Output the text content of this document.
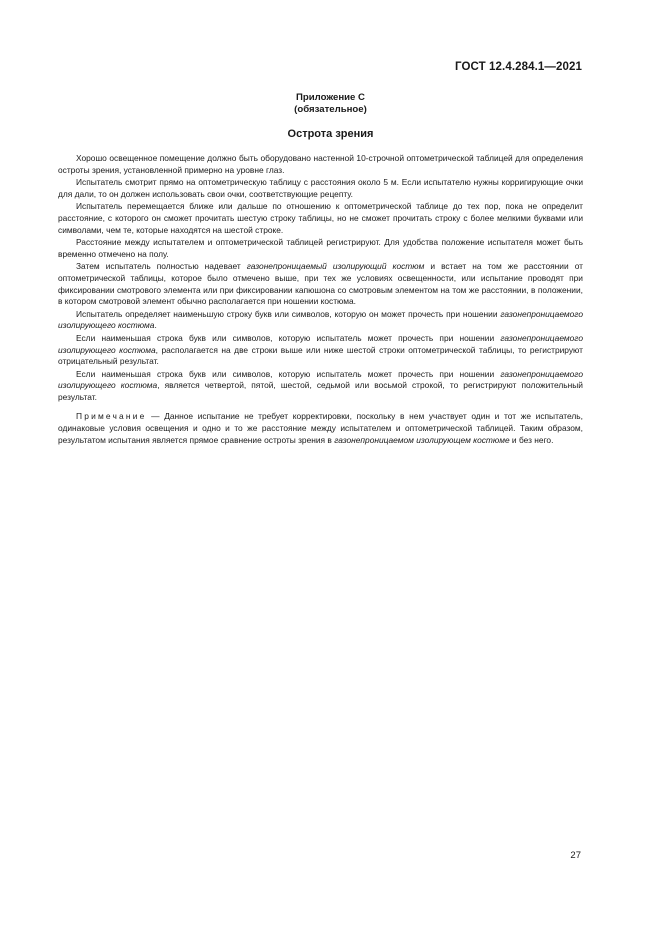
ГОСТ 12.4.284.1—2021
Приложение С
(обязательное)
Острота зрения

Хорошо освещенное помещение должно быть оборудовано настенной 10-строчной оптометрической таблицей для определения остроты зрения, установленной примерно на уровне глаз.

Испытатель смотрит прямо на оптометрическую таблицу с расстояния около 5 м. Если испытателю нужны корригирующие очки для дали, то он должен использовать свои очки, соответствующие рецепту.

Испытатель перемещается ближе или дальше по отношению к оптометрической таблице до тех пор, пока не определит расстояние, с которого он сможет прочитать шестую строку таблицы, но не сможет прочитать строку с более мелкими буквами или символами, чем те, которые находятся на шестой строке.

Расстояние между испытателем и оптометрической таблицей регистрируют. Для удобства положение испытателя может быть временно отмечено на полу.

Затем испытатель полностью надевает газонепроницаемый изолирующий костюм и встает на том же расстоянии от оптометрической таблицы, которое было отмечено выше, при тех же условиях освещенности, или испытание проводят при фиксировании смотрового элемента или при фиксировании капюшона со смотровым элементом на том же расстоянии, в положении, в котором смотровой элемент обычно располагается при ношении костюма.

Испытатель определяет наименьшую строку букв или символов, которую он может прочесть при ношении газонепроницаемого изолирующего костюма.

Если наименьшая строка букв или символов, которую испытатель может прочесть при ношении газонепроницаемого изолирующего костюма, располагается на две строки выше или ниже шестой строки оптометрической таблицы, то регистрируют отрицательный результат.

Если наименьшая строка букв или символов, которую испытатель может прочесть при ношении газонепроницаемого изолирующего костюма, является четвертой, пятой, шестой, седьмой или восьмой строкой, то регистрируют положительный результат.

Примечание — Данное испытание не требует корректировки, поскольку в нем участвует один и тот же испытатель, одинаковые условия освещения и одно и то же расстояние между испытателем и оптометрической таблицей. Таким образом, результатом испытания является прямое сравнение остроты зрения в газонепроницаемом изолирующем костюме и без него.

27
